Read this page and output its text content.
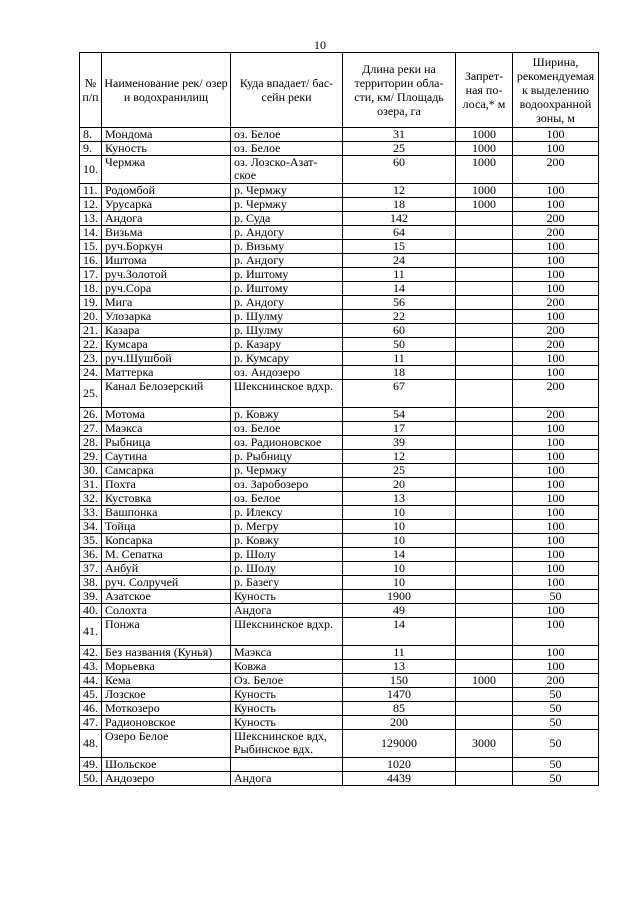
10
№ п/п	Наименование рек/ озер и водохранилищ	Куда впадает/ бас-сейн реки	Длина реки на территории обла-сти, км/ Площадь озера, га	Запрет-ная по-лоса,* м	Ширина, рекомендуемая к выделению водоохранной зоны, м
8.	Мондома	оз. Белое	31	1000	100
9.	Куность	оз. Белое	25	1000	100
10.	Чермжа	оз. Лозско-Азат-ское	60	1000	200
11.	Родомбой	р. Чермжу	12	1000	100
12.	Урусарка	р. Чермжу	18	1000	100
13.	Андога	р. Суда	142		200
14.	Визьма	р. Андогу	64		200
15.	руч.Боркун	р. Визьму	15		100
16.	Иштома	р. Андогу	24		100
17.	руч.Золотой	р. Иштому	11		100
18.	руч.Сора	р. Иштому	14		100
19.	Мига	р. Андогу	56		200
20.	Улозарка	р. Шулму	22		100
21.	Казара	р. Шулму	60		200
22.	Кумсара	р. Казару	50		200
23.	руч.Шушбой	р. Кумсару	11		100
24.	Маттерка	оз. Андозеро	18		100
25.	Канал Белозерский	Шекснинское вдхр.	67		200
26.	Мотома	р. Ковжу	54		200
27.	Маэкса	оз. Белое	17		100
28.	Рыбница	оз. Радионовское	39		100
29.	Саутина	р. Рыбницу	12		100
30.	Самсарка	р. Чермжу	25		100
31.	Похта	оз. Заробозеро	20		100
32.	Кустовка	оз. Белое	13		100
33.	Вашпонка	р. Илексу	10		100
34.	Тойца	р. Мегру	10		100
35.	Копсарка	р. Ковжу	10		100
36.	М. Сепатка	р. Шолу	14		100
37.	Анбуй	р. Шолу	10		100
38.	руч. Солручей	р. Базегу	10		100
39.	Азатское	Куность	1900		50
40.	Солохта	Андога	49		100
41.	Понжа	Шекснинское вдхр.	14		100
42.	Без названия (Кунья)	Маэкса	11		100
43.	Морьевка	Ковжа	13		100
44.	Кема	Оз. Белое	150	1000	200
45.	Лозское	Куность	1470		50
46.	Моткозеро	Куность	85		50
47.	Радионовское	Куность	200		50
48.	Озеро Белое	Шекснинское вдх, Рыбинское вдх.	129000	3000	50
49.	Шольское		1020		50
50.	Андозеро	Андога	4439		50
